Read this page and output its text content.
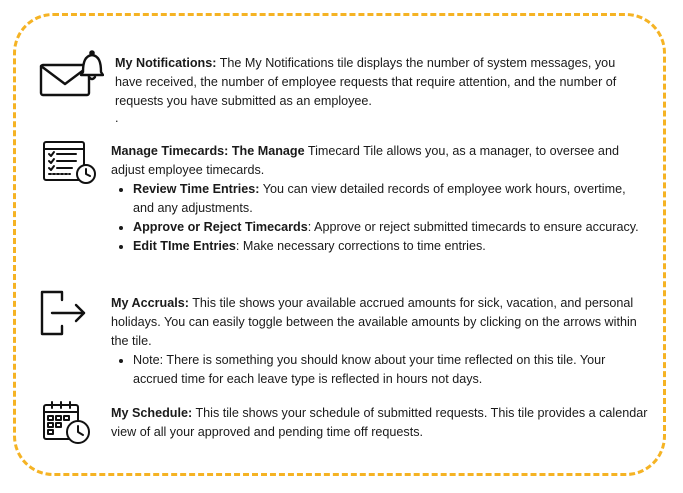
My Notifications: The My Notifications tile displays the number of system messages, you have received, the number of employee requests that require attention, and the number of requests you have submitted as an employee.
.
Manage Timecards: The Manage Timecard Tile allows you, as a manager, to oversee and adjust employee timecards.
• Review Time Entries: You can view detailed records of employee work hours, overtime, and any adjustments.
• Approve or Reject Timecards: Approve or reject submitted timecards to ensure accuracy.
• Edit TIme Entries: Make necessary corrections to time entries.
My Accruals: This tile shows your available accrued amounts for sick, vacation, and personal holidays. You can easily toggle between the available amounts by clicking on the arrows within the tile.
• Note: There is something you should know about your time reflected on this tile. Your accrued time for each leave type is reflected in hours not days.
My Schedule: This tile shows your schedule of submitted requests. This tile provides a calendar view of all your approved and pending time off requests.
